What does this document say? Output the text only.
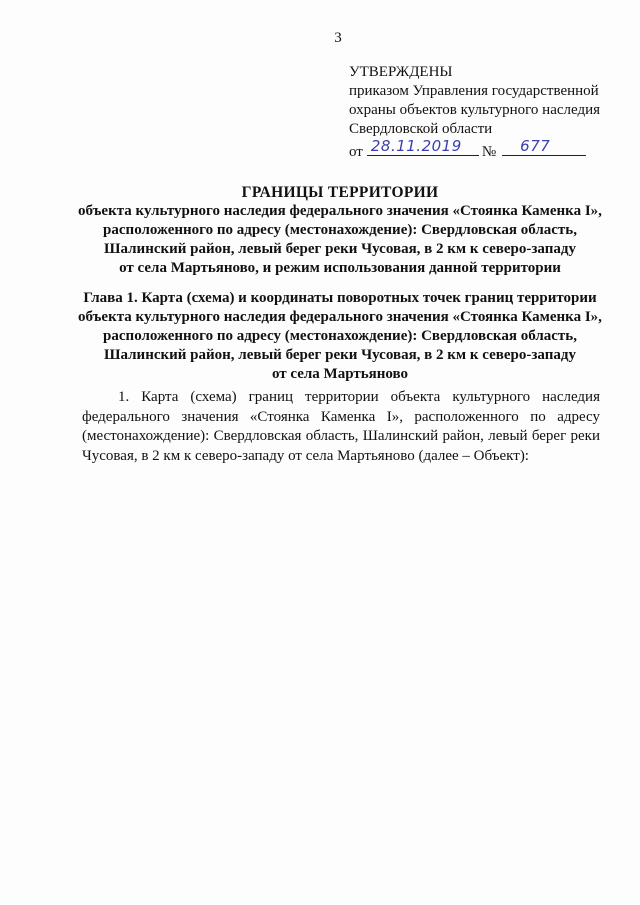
3
УТВЕРЖДЕНЫ
приказом Управления государственной
охраны объектов культурного наследия
Свердловской области
от 28.11.2019 № 677
ГРАНИЦЫ ТЕРРИТОРИИ
объекта культурного наследия федерального значения «Стоянка Каменка I»,
расположенного по адресу (местонахождение): Свердловская область,
Шалинский район, левый берег реки Чусовая, в 2 км к северо-западу
от села Мартьяново, и режим использования данной территории
Глава 1. Карта (схема) и координаты поворотных точек границ территории
объекта культурного наследия федерального значения «Стоянка Каменка I»,
расположенного по адресу (местонахождение): Свердловская область,
Шалинский район, левый берег реки Чусовая, в 2 км к северо-западу
от села Мартьяново
1. Карта (схема) границ территории объекта культурного наследия
федерального значения «Стоянка Каменка I», расположенного по адресу
(местонахождение): Свердловская область, Шалинский район, левый берег реки
Чусовая, в 2 км к северо-западу от села Мартьяново (далее – Объект):
